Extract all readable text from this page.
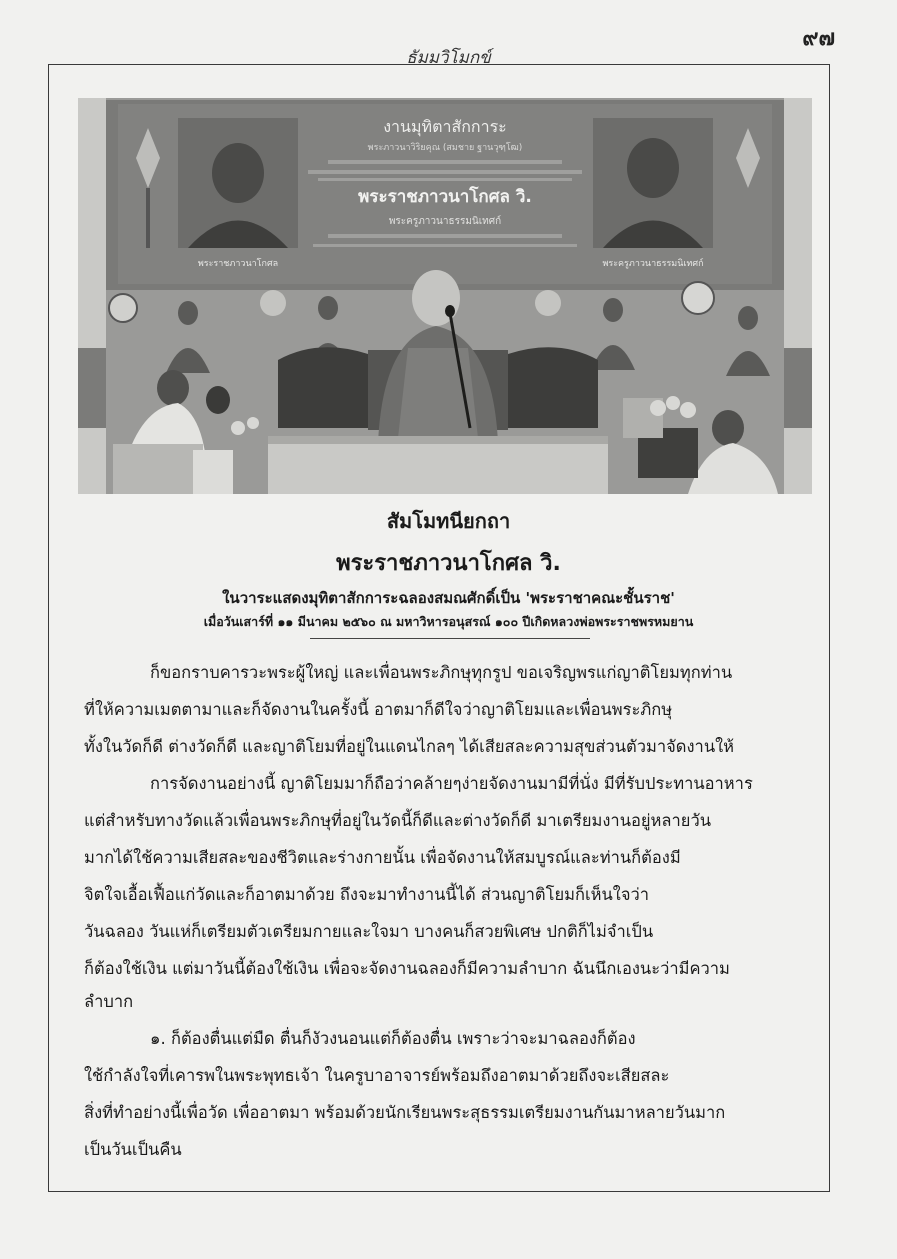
๙๗
ธัมมวิโมกข์
งานมุทิตาสักการะ
พระภาวนาวิริยคุณ (สมชาย ฐานวุฑฺโฒ)
พระราชภาวนาโกศล วิ.
พระครูภาวนาธรรมนิเทศก์
พระราชภาวนาโกศล	พระครูภาวนาธรรมนิเทศก์
สัมโมทนียกถา
พระราชภาวนาโกศล วิ.
ในวาระแสดงมุทิตาสักการะฉลองสมณศักดิ์เป็น 'พระราชาคณะชั้นราช'
เมื่อวันเสาร์ที่ ๑๑ มีนาคม ๒๕๖๐ ณ มหาวิหารอนุสรณ์ ๑๐๐ ปีเกิดหลวงพ่อพระราชพรหมยาน
ก็ขอกราบคารวะพระผู้ใหญ่ และเพื่อนพระภิกษุทุกรูป ขอเจริญพรแก่ญาติโยมทุกท่าน
ที่ให้ความเมตตามาและก็จัดงานในครั้งนี้ อาตมาก็ดีใจว่าญาติโยมและเพื่อนพระภิกษุ
ทั้งในวัดก็ดี ต่างวัดก็ดี และญาติโยมที่อยู่ในแดนไกลๆ ได้เสียสละความสุขส่วนตัวมาจัดงานให้
การจัดงานอย่างนี้ ญาติโยมมาก็ถือว่าคล้ายๆง่ายจัดงานมามีที่นั่ง มีที่รับประทานอาหาร
แต่สำหรับทางวัดแล้วเพื่อนพระภิกษุที่อยู่ในวัดนี้ก็ดีและต่างวัดก็ดี มาเตรียมงานอยู่หลายวัน
มากได้ใช้ความเสียสละของชีวิตและร่างกายนั้น เพื่อจัดงานให้สมบูรณ์และท่านก็ต้องมี
จิตใจเอื้อเฟื้อแก่วัดและก็อาตมาด้วย ถึงจะมาทำงานนี้ได้ ส่วนญาติโยมก็เห็นใจว่า
วันฉลอง วันแห่ก็เตรียมตัวเตรียมกายและใจมา บางคนก็สวยพิเศษ ปกติก็ไม่จำเป็น
ก็ต้องใช้เงิน แต่มาวันนี้ต้องใช้เงิน เพื่อจะจัดงานฉลองก็มีความลำบาก ฉันนึกเองนะว่ามีความ
ลำบาก
๑. ก็ต้องตื่นแต่มืด ตื่นก็งัวงนอนแต่ก็ต้องตื่น เพราะว่าจะมาฉลองก็ต้อง
ใช้กำลังใจที่เคารพในพระพุทธเจ้า ในครูบาอาจารย์พร้อมถึงอาตมาด้วยถึงจะเสียสละ
สิ่งที่ทำอย่างนี้เพื่อวัด เพื่ออาตมา พร้อมด้วยนักเรียนพระสุธรรมเตรียมงานกันมาหลายวันมาก
เป็นวันเป็นคืน
